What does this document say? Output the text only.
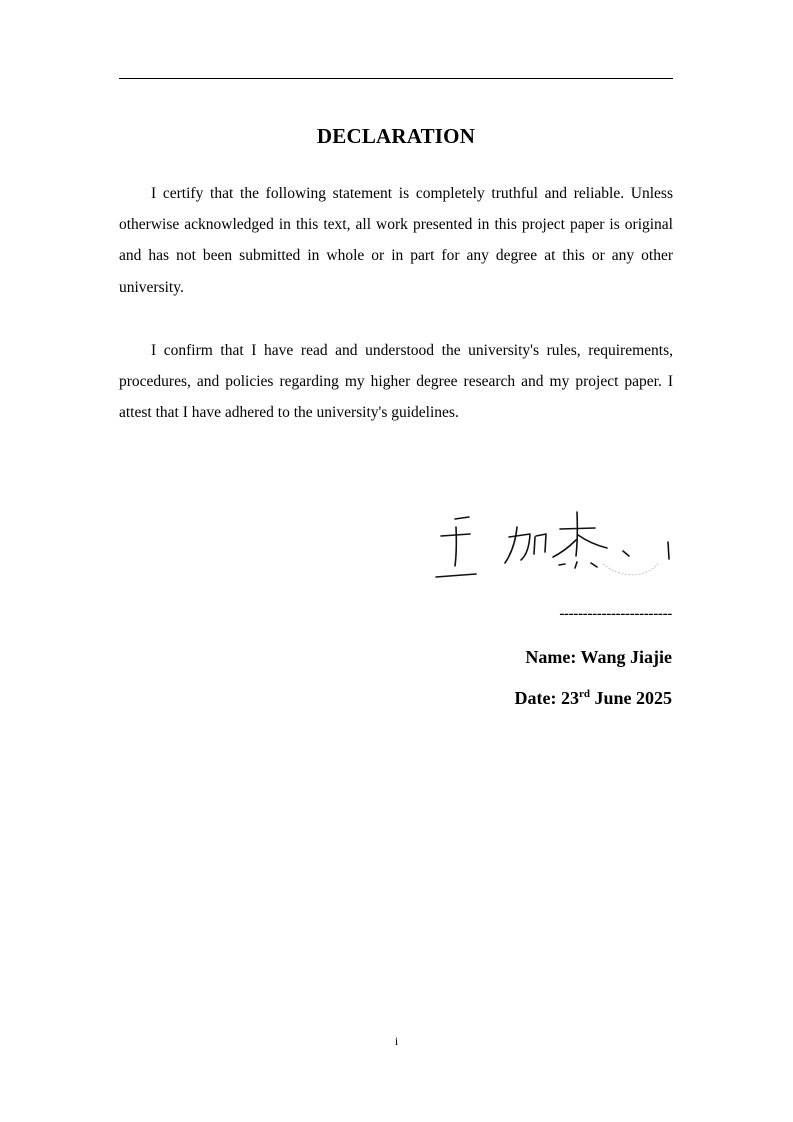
DECLARATION

I certify that the following statement is completely truthful and reliable. Unless otherwise acknowledged in this text, all work presented in this project paper is original and has not been submitted in whole or in part for any degree at this or any other university.

I confirm that I have read and understood the university's rules, requirements, procedures, and policies regarding my higher degree research and my project paper. I attest that I have adhered to the university's guidelines.

------------------------
Name: Wang Jiajie
Date: 23rd June 2025
i
